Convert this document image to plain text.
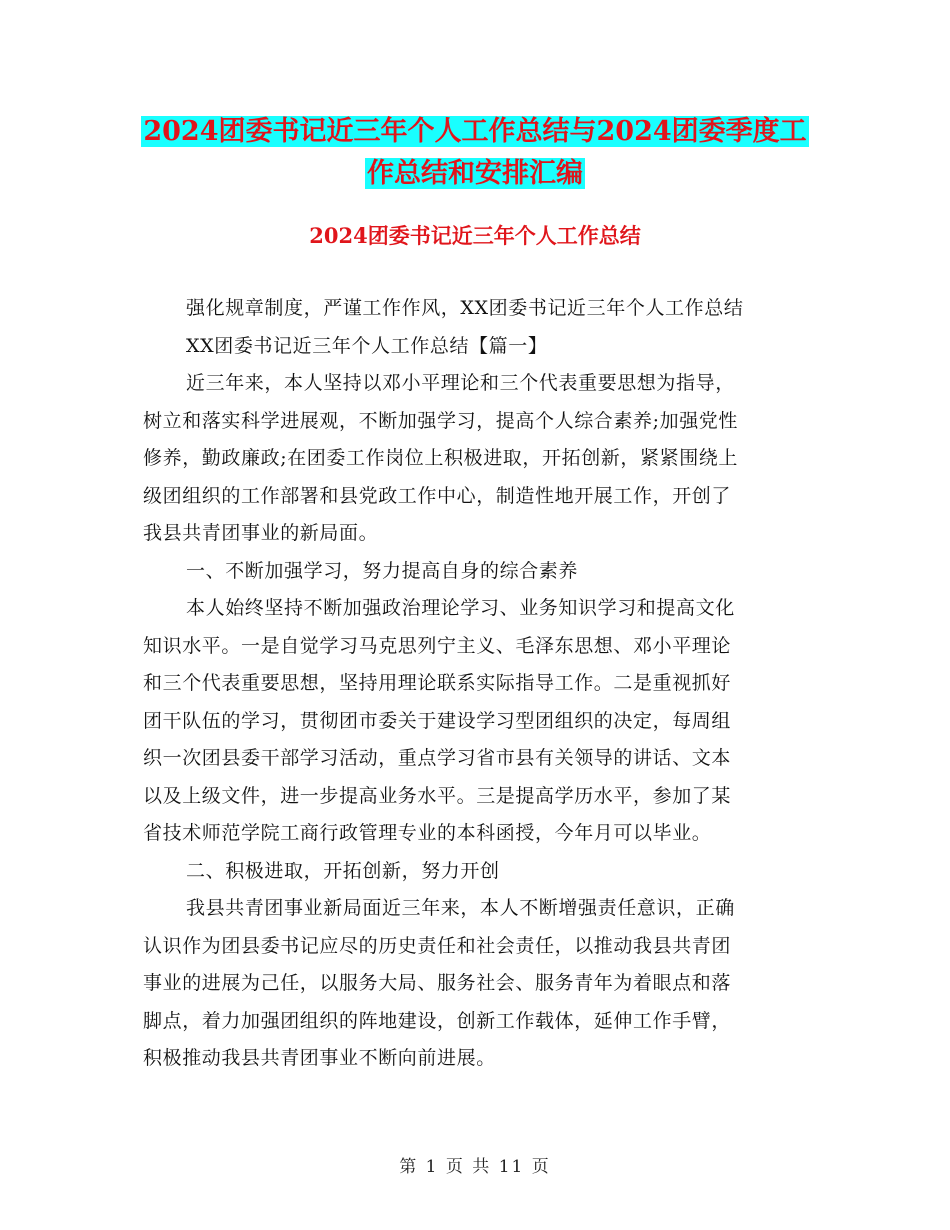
2024团委书记近三年个人工作总结与2024团委季度工
作总结和安排汇编
2024团委书记近三年个人工作总结
强化规章制度，严谨工作作风，XX团委书记近三年个人工作总结
XX团委书记近三年个人工作总结【篇一】
近三年来，本人坚持以邓小平理论和三个代表重要思想为指导，
树立和落实科学进展观，不断加强学习，提高个人综合素养;加强党性
修养，勤政廉政;在团委工作岗位上积极进取，开拓创新，紧紧围绕上
级团组织的工作部署和县党政工作中心，制造性地开展工作，开创了
我县共青团事业的新局面。
一、不断加强学习，努力提高自身的综合素养
本人始终坚持不断加强政治理论学习、业务知识学习和提高文化
知识水平。一是自觉学习马克思列宁主义、毛泽东思想、邓小平理论
和三个代表重要思想，坚持用理论联系实际指导工作。二是重视抓好
团干队伍的学习，贯彻团市委关于建设学习型团组织的决定，每周组
织一次团县委干部学习活动，重点学习省市县有关领导的讲话、文本
以及上级文件，进一步提高业务水平。三是提高学历水平，参加了某
省技术师范学院工商行政管理专业的本科函授，今年月可以毕业。
二、积极进取，开拓创新，努力开创
我县共青团事业新局面近三年来，本人不断增强责任意识，正确
认识作为团县委书记应尽的历史责任和社会责任，以推动我县共青团
事业的进展为己任，以服务大局、服务社会、服务青年为着眼点和落
脚点，着力加强团组织的阵地建设，创新工作载体，延伸工作手臂，
积极推动我县共青团事业不断向前进展。
第 1 页 共 11 页
